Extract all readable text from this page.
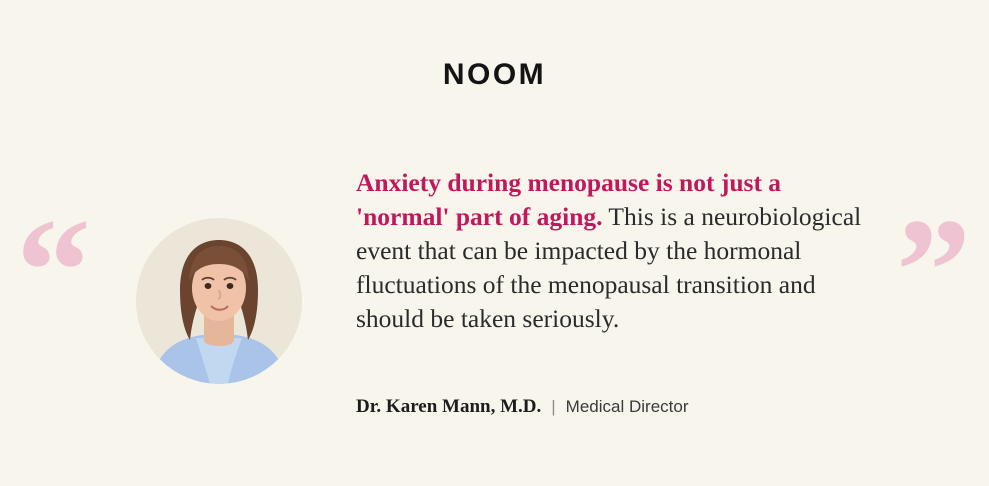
NOOM
“	”

Anxiety during menopause is not just a 'normal' part of aging. This is a neurobiological event that can be impacted by the hormonal fluctuations of the menopausal transition and should be taken seriously.

Dr. Karen Mann, M.D. | Medical Director
